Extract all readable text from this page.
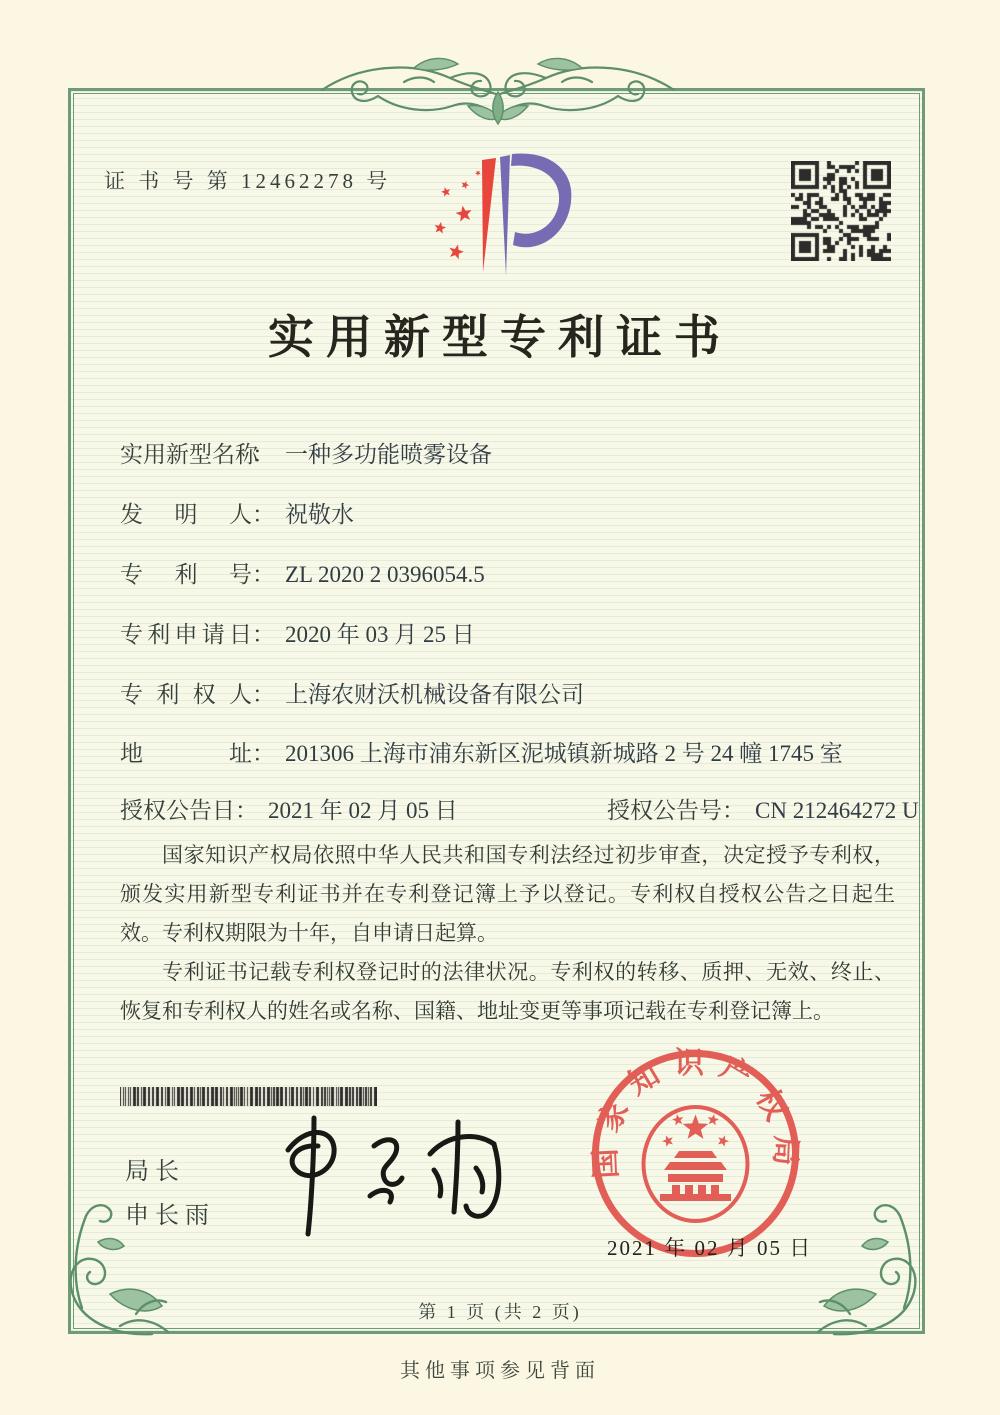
证 书 号 第 12462278 号
实用新型专利证书
实用新型名称： 一种多功能喷雾设备
发明人： 祝敬水
专利号： ZL 2020 2 0396054.5
专利申请日： 2020 年 03 月 25 日
专利权人： 上海农财沃机械设备有限公司
地址： 201306 上海市浦东新区泥城镇新城路 2 号 24 幢 1745 室
授权公告日： 2021 年 02 月 05 日	授权公告号： CN 212464272 U

国家知识产权局依照中华人民共和国专利法经过初步审查，决定授予专利权，颁发实用新型专利证书并在专利登记簿上予以登记。专利权自授权公告之日起生效。专利权期限为十年，自申请日起算。

专利证书记载专利权登记时的法律状况。专利权的转移、质押、无效、终止、恢复和专利权人的姓名或名称、国籍、地址变更等事项记载在专利登记簿上。

局长
申长雨
国家知识产权局
2021 年 02 月 05 日
第 1 页 (共 2 页)
其他事项参见背面
